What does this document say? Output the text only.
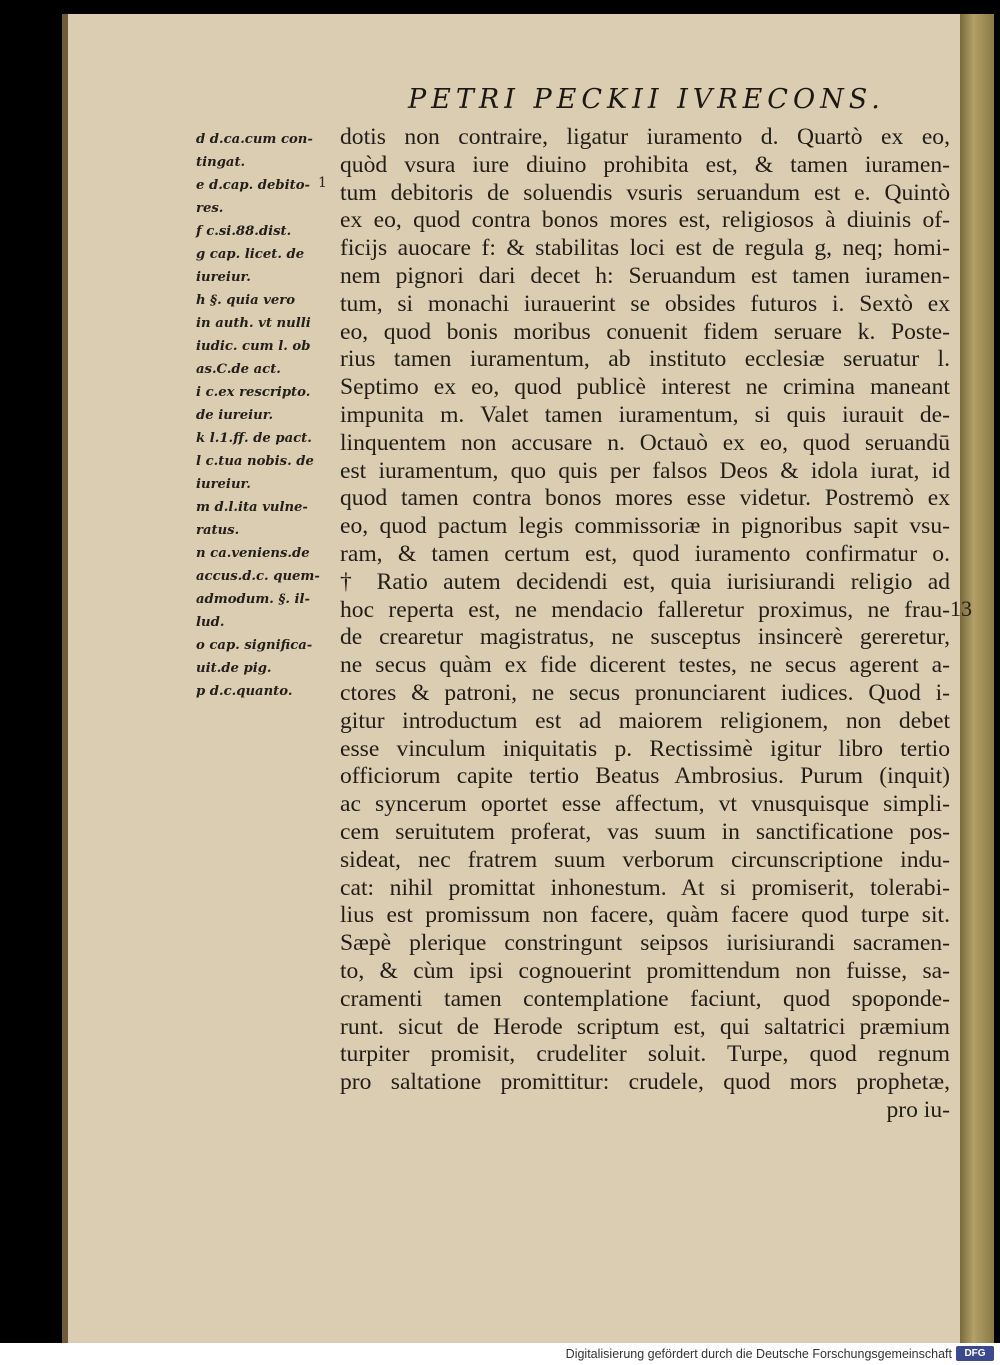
PETRI PECKII IVRECONS.
d d.ca.cum con-
tingat.
e d.cap. debito-
res.
f c.si.88.dist.
g cap. licet. de
iureiur.
h §. quia vero
in auth. vt nulli
iudic. cum l. ob
as.C.de act.
i c.ex rescripto.
de iureiur.
k l.1.ff. de pact.
l c.tua nobis. de
iureiur.
m d.l.ita vulne-
ratus.
n ca.veniens.de
accus.d.c. quem-
admodum. §. il-
lud.
o cap. significa-
uit.de pig.
p d.c.quanto.
1
dotis non contraire, ligatur iuramento d. Quartò ex eo,
quòd vsura iure diuino prohibita est, & tamen iuramen-
tum debitoris de soluendis vsuris seruandum est e. Quintò
ex eo, quod contra bonos mores est, religiosos à diuinis of-
ficijs auocare f: & stabilitas loci est de regula g, neq; homi-
nem pignori dari decet h: Seruandum est tamen iuramen-
tum, si monachi iurauerint se obsides futuros i. Sextò ex
eo, quod bonis moribus conuenit fidem seruare k. Poste-
rius tamen iuramentum, ab instituto ecclesiæ seruatur l.
Septimo ex eo, quod publicè interest ne crimina maneant
impunita m. Valet tamen iuramentum, si quis iurauit de-
linquentem non accusare n. Octauò ex eo, quod seruandū
est iuramentum, quo quis per falsos Deos & idola iurat, id
quod tamen contra bonos mores esse videtur. Postremò ex
eo, quod pactum legis commissoriæ in pignoribus sapit vsu-
ram, & tamen certum est, quod iuramento confirmatur o.
† Ratio autem decidendi est, quia iurisiurandi religio ad
hoc reperta est, ne mendacio falleretur proximus, ne frau-
de crearetur magistratus, ne susceptus insincerè gereretur,
ne secus quàm ex fide dicerent testes, ne secus agerent a-
ctores & patroni, ne secus pronunciarent iudices. Quod i-
gitur introductum est ad maiorem religionem, non debet
esse vinculum iniquitatis p. Rectissimè igitur libro tertio
officiorum capite tertio Beatus Ambrosius. Purum (inquit)
ac syncerum oportet esse affectum, vt vnusquisque simpli-
cem seruitutem proferat, vas suum in sanctificatione pos-
sideat, nec fratrem suum verborum circunscriptione indu-
cat: nihil promittat inhonestum. At si promiserit, tolerabi-
lius est promissum non facere, quàm facere quod turpe sit.
Sæpè plerique constringunt seipsos iurisiurandi sacramen-
to, & cùm ipsi cognouerint promittendum non fuisse, sa-
cramenti tamen contemplatione faciunt, quod spoponde-
runt. sicut de Herode scriptum est, qui saltatrici præmium
turpiter promisit, crudeliter soluit. Turpe, quod regnum
pro saltatione promittitur: crudele, quod mors prophetæ,
pro iu-
13
Digitalisierung gefördert durch die Deutsche Forschungsgemeinschaft	DFG
